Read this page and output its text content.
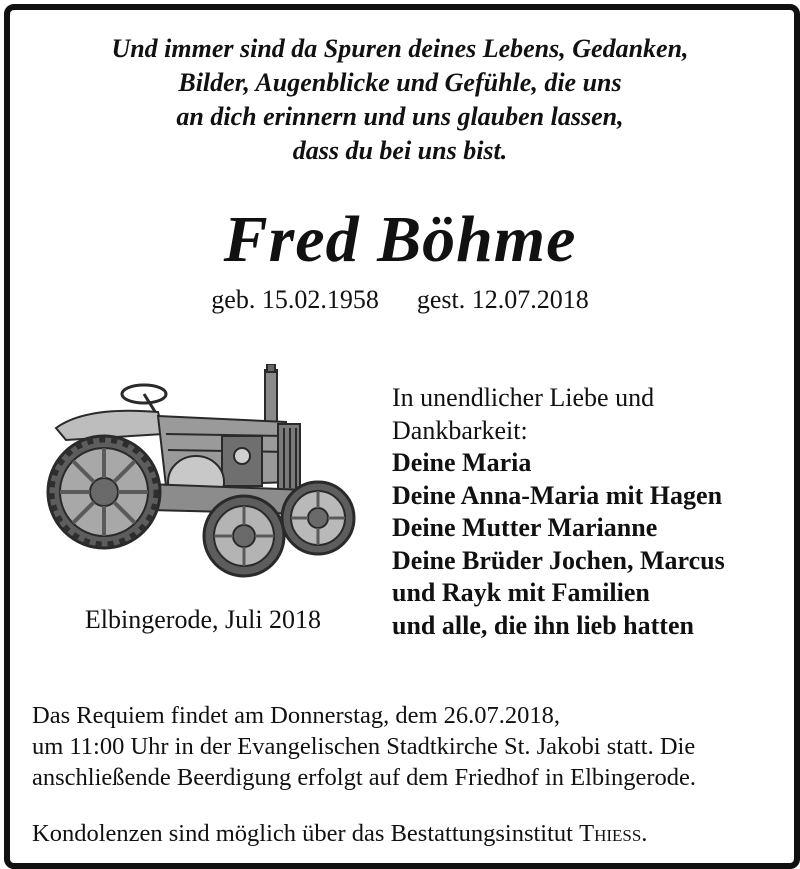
Und immer sind da Spuren deines Lebens, Gedanken,
Bilder, Augenblicke und Gefühle, die uns
an dich erinnern und uns glauben lassen,
dass du bei uns bist.
Fred Böhme
geb. 15.02.1958 gest. 12.07.2018
Elbingerode, Juli 2018
In unendlicher Liebe und
Dankbarkeit:
Deine Maria
Deine Anna-Maria mit Hagen
Deine Mutter Marianne
Deine Brüder Jochen, Marcus
und Rayk mit Familien
und alle, die ihn lieb hatten
Das Requiem findet am Donnerstag, dem 26.07.2018,
um 11:00 Uhr in der Evangelischen Stadtkirche St. Jakobi statt. Die
anschließende Beerdigung erfolgt auf dem Friedhof in Elbingerode.
Kondolenzen sind möglich über das Bestattungsinstitut Thieß.
